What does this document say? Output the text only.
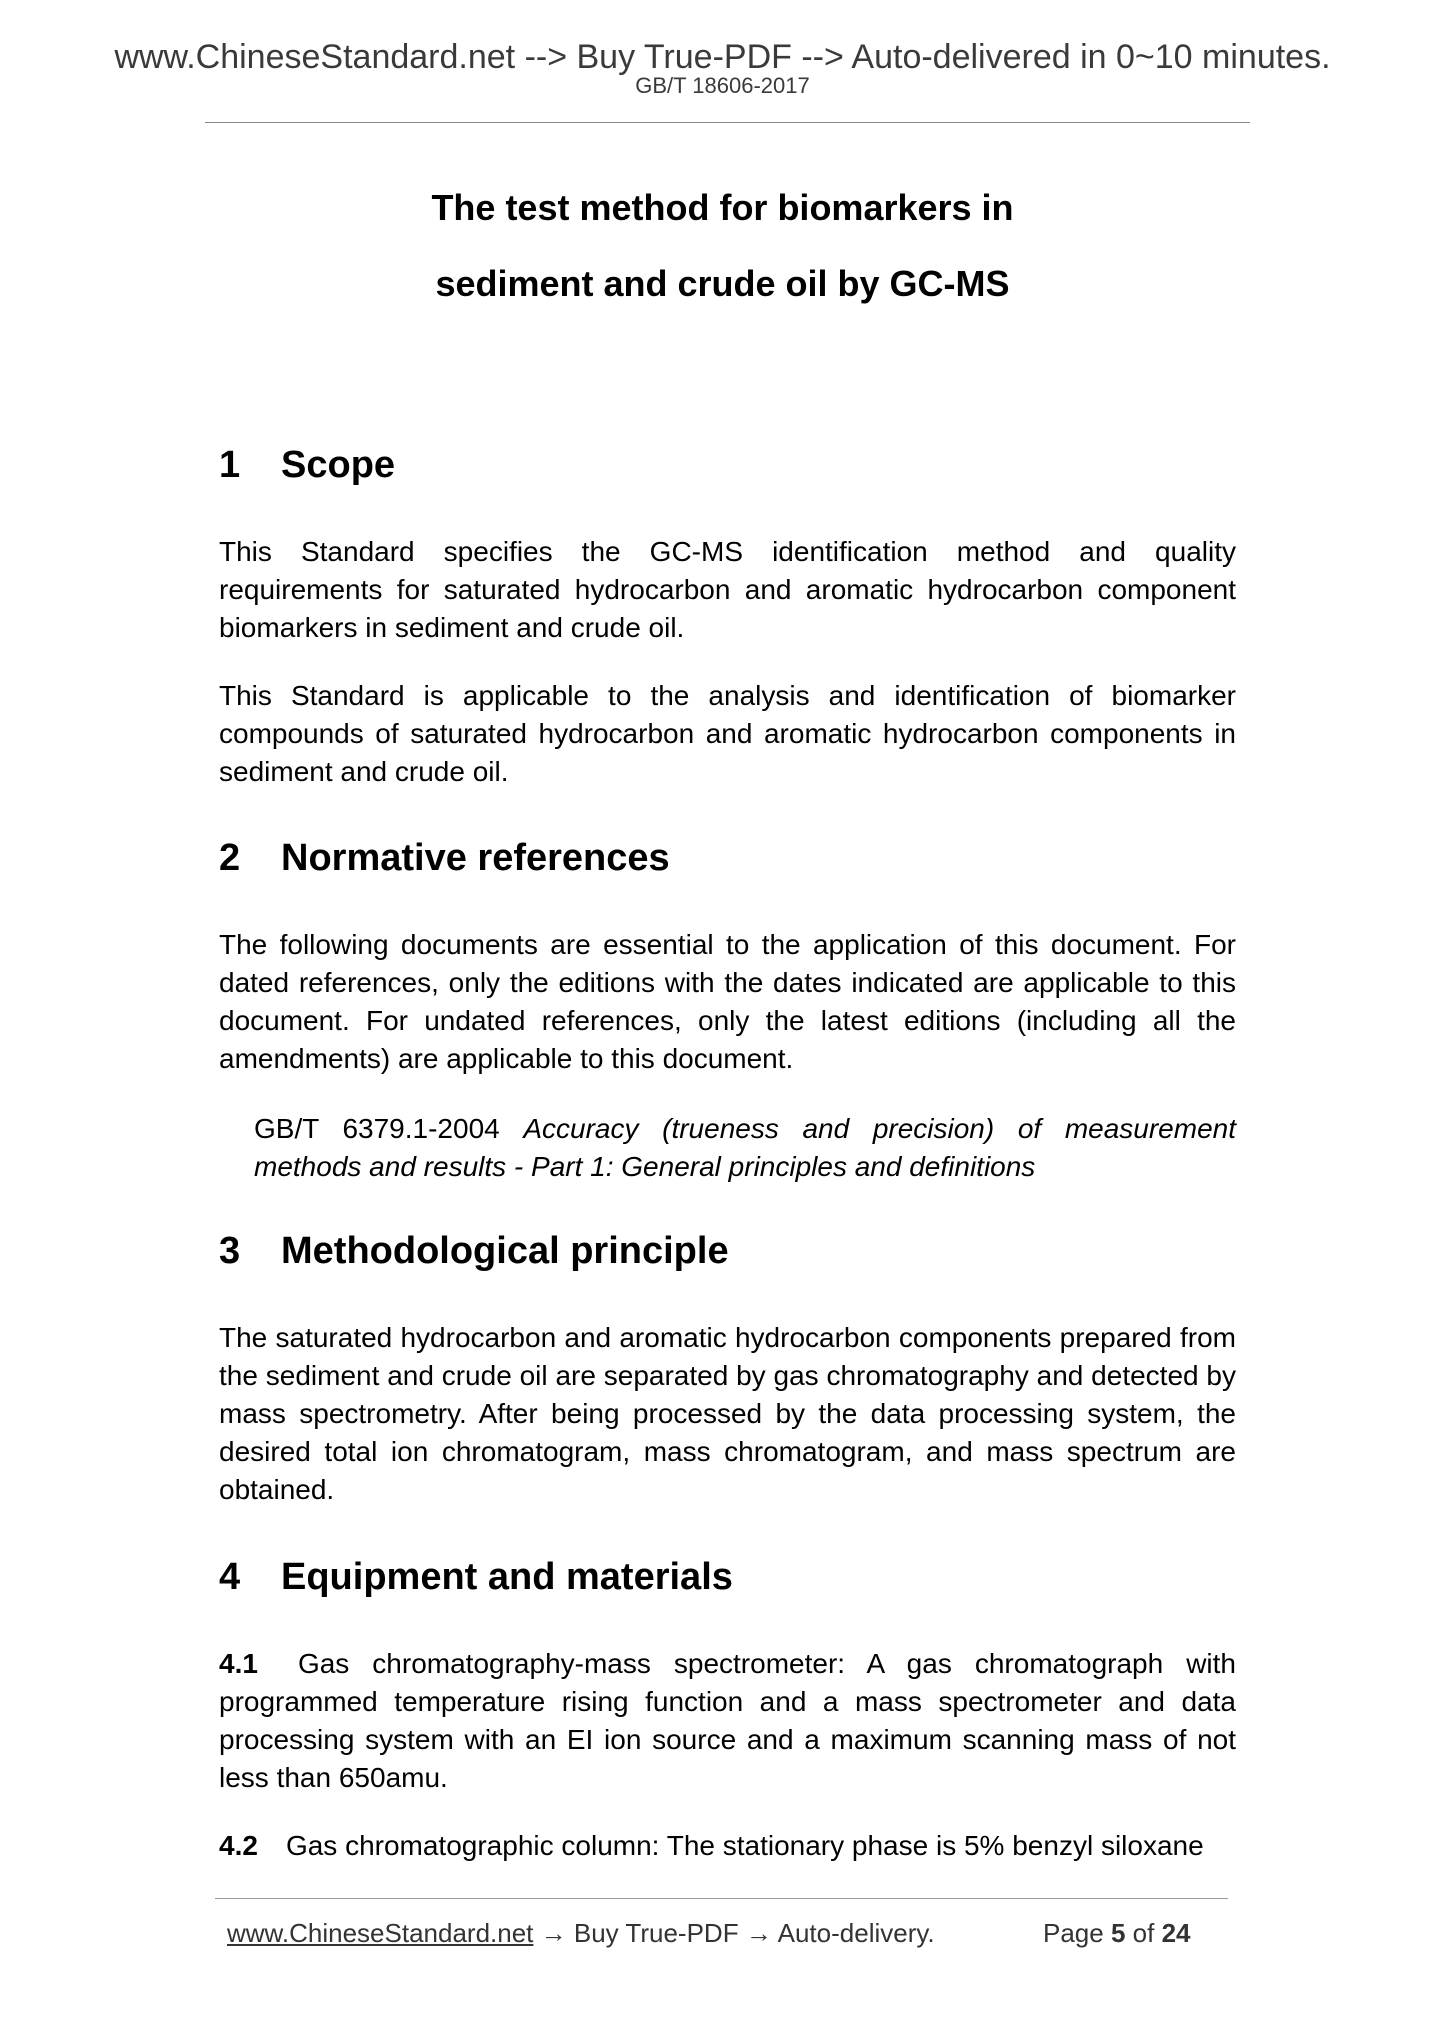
www.ChineseStandard.net --> Buy True-PDF --> Auto-delivered in 0~10 minutes.
GB/T 18606-2017
The test method for biomarkers in
sediment and crude oil by GC-MS
1 Scope

This Standard specifies the GC-MS identification method and quality requirements for saturated hydrocarbon and aromatic hydrocarbon component biomarkers in sediment and crude oil.

This Standard is applicable to the analysis and identification of biomarker compounds of saturated hydrocarbon and aromatic hydrocarbon components in sediment and crude oil.

2 Normative references

The following documents are essential to the application of this document. For dated references, only the editions with the dates indicated are applicable to this document. For undated references, only the latest editions (including all the amendments) are applicable to this document.

GB/T 6379.1-2004 Accuracy (trueness and precision) of measurement methods and results - Part 1: General principles and definitions

3 Methodological principle

The saturated hydrocarbon and aromatic hydrocarbon components prepared from the sediment and crude oil are separated by gas chromatography and detected by mass spectrometry. After being processed by the data processing system, the desired total ion chromatogram, mass chromatogram, and mass spectrum are obtained.

4 Equipment and materials

4.1 Gas chromatography-mass spectrometer: A gas chromatograph with programmed temperature rising function and a mass spectrometer and data processing system with an EI ion source and a maximum scanning mass of not less than 650amu.

4.2 Gas chromatographic column: The stationary phase is 5% benzyl siloxane

www.ChineseStandard.net → Buy True-PDF → Auto-delivery.	Page 5 of 24
